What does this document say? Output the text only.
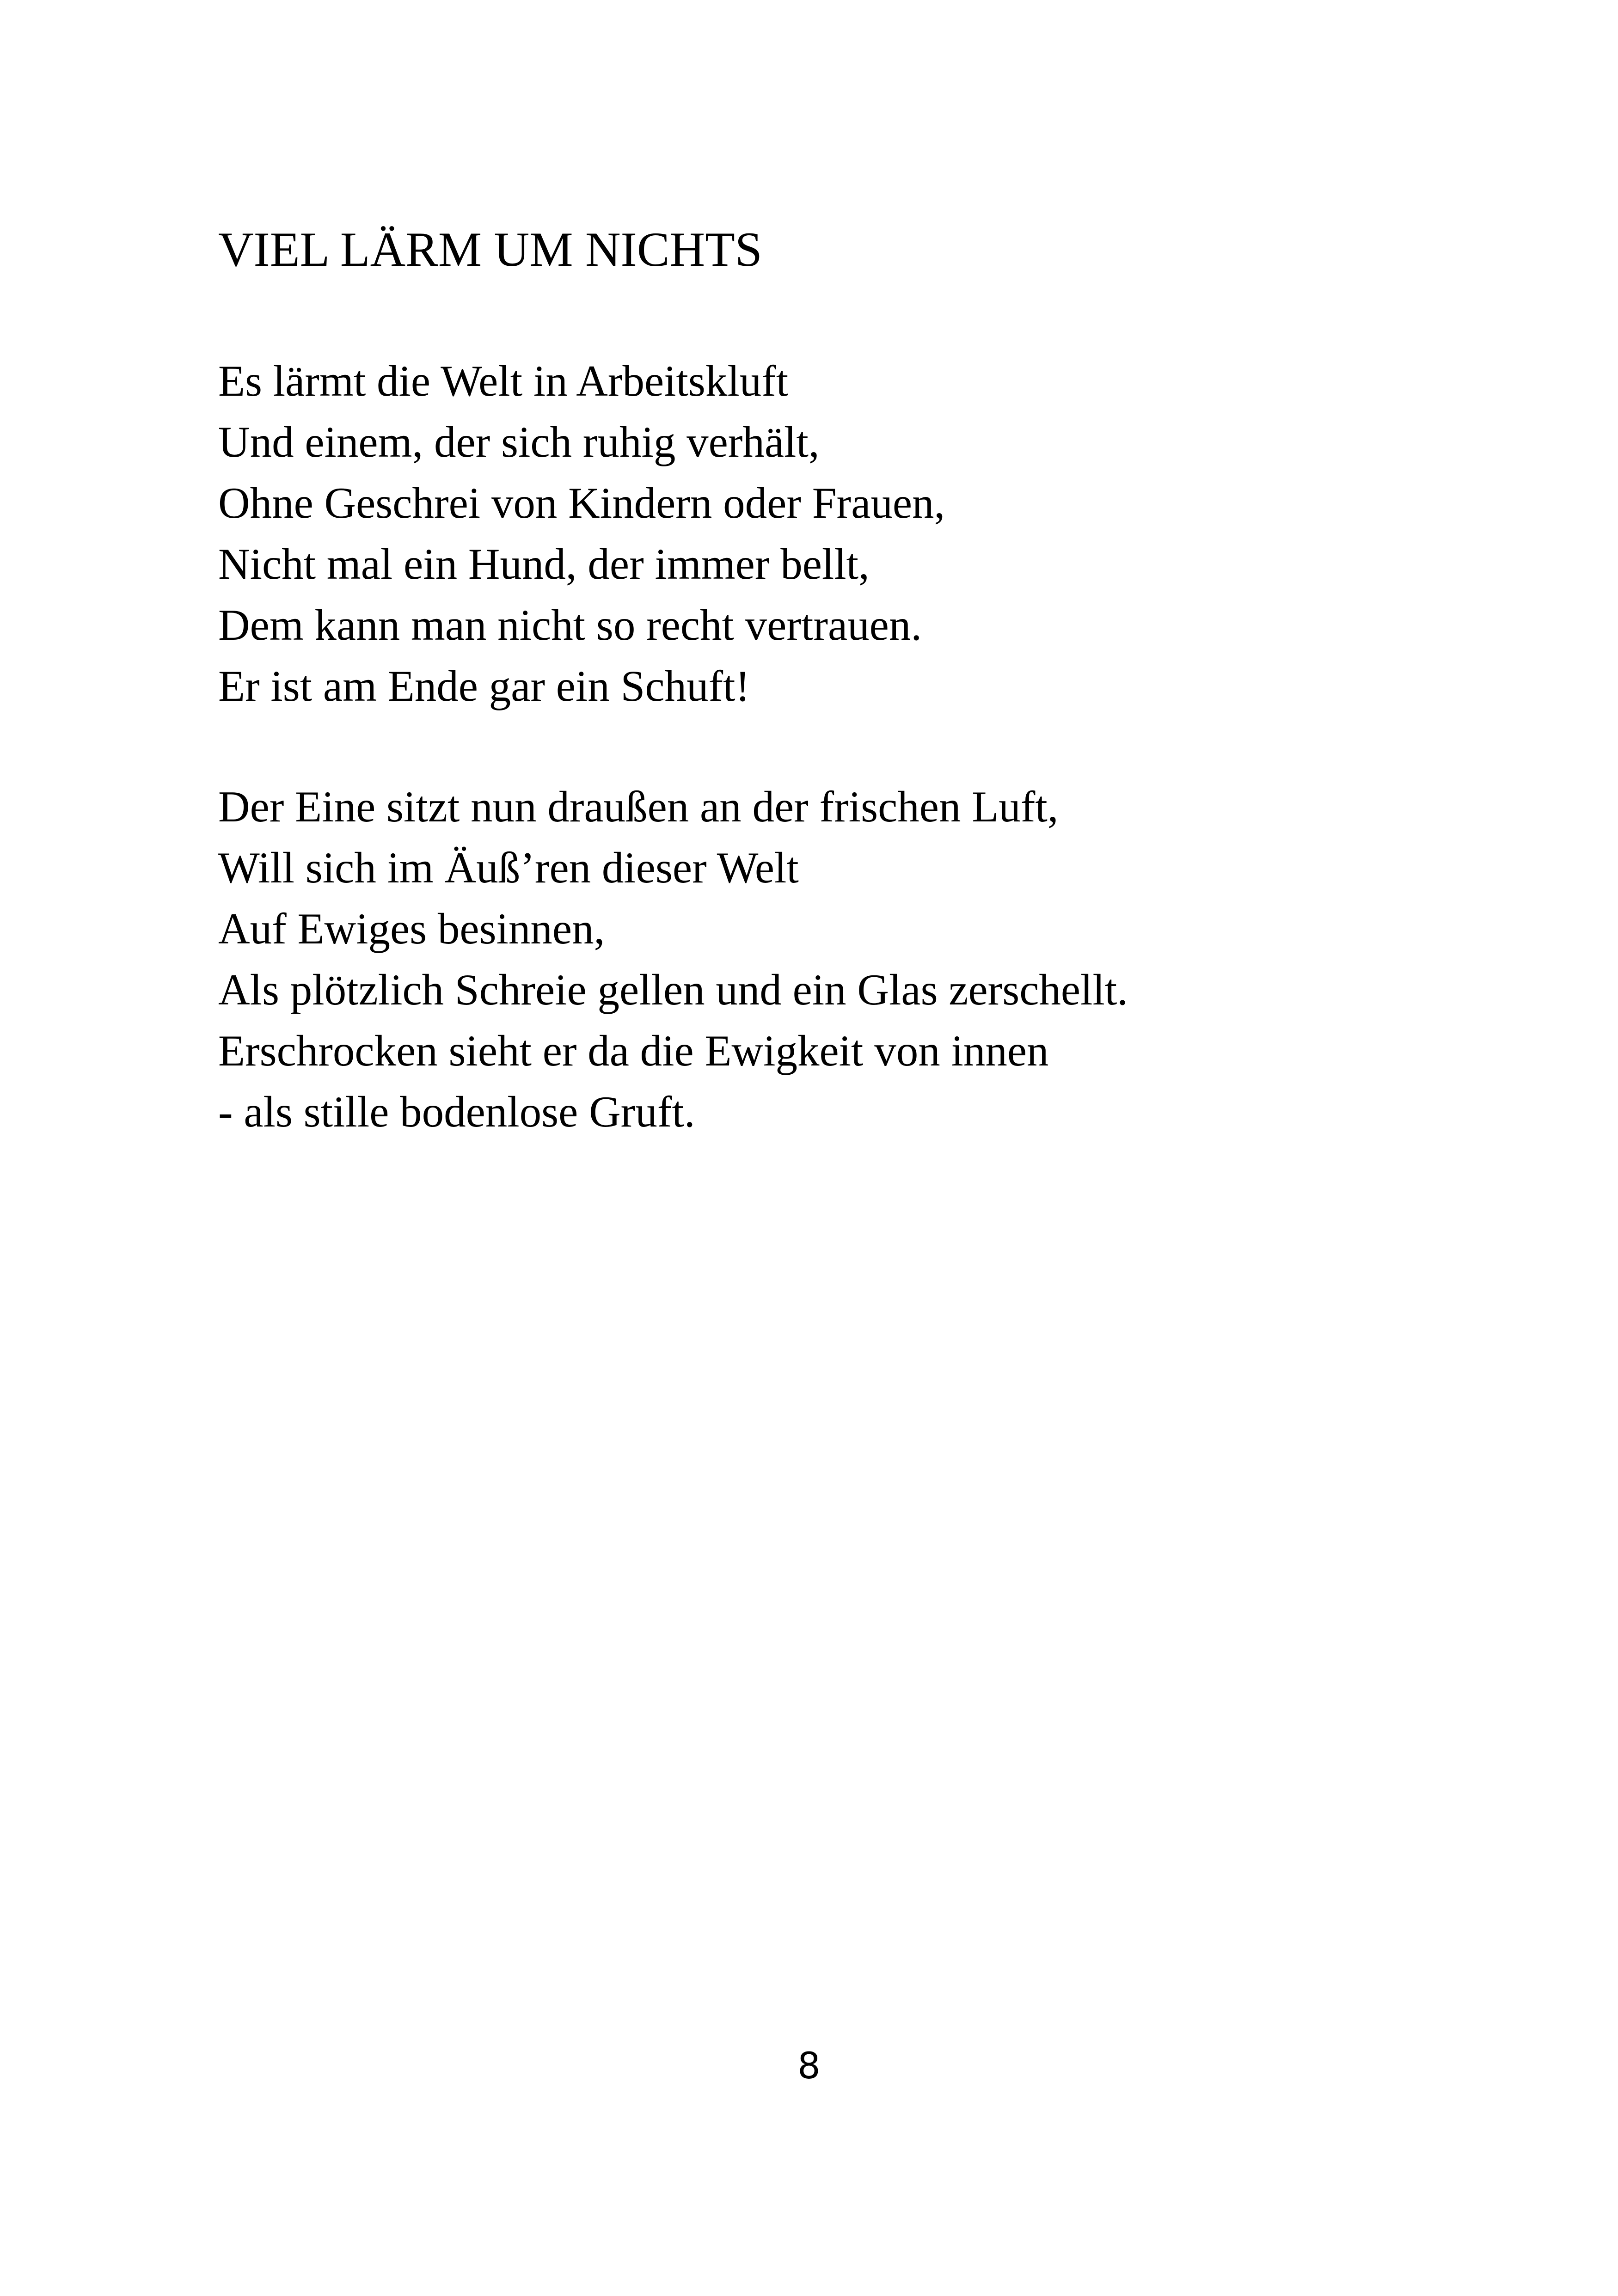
VIEL LÄRM UM NICHTS
Es lärmt die Welt in Arbeitskluft
Und einem, der sich ruhig verhält,
Ohne Geschrei von Kindern oder Frauen,
Nicht mal ein Hund, der immer bellt,
Dem kann man nicht so recht vertrauen.
Er ist am Ende gar ein Schuft!
Der Eine sitzt nun draußen an der frischen Luft,
Will sich im Äuß’ren dieser Welt
Auf Ewiges besinnen,
Als plötzlich Schreie gellen und ein Glas zerschellt.
Erschrocken sieht er da die Ewigkeit von innen
- als stille bodenlose Gruft.
8
